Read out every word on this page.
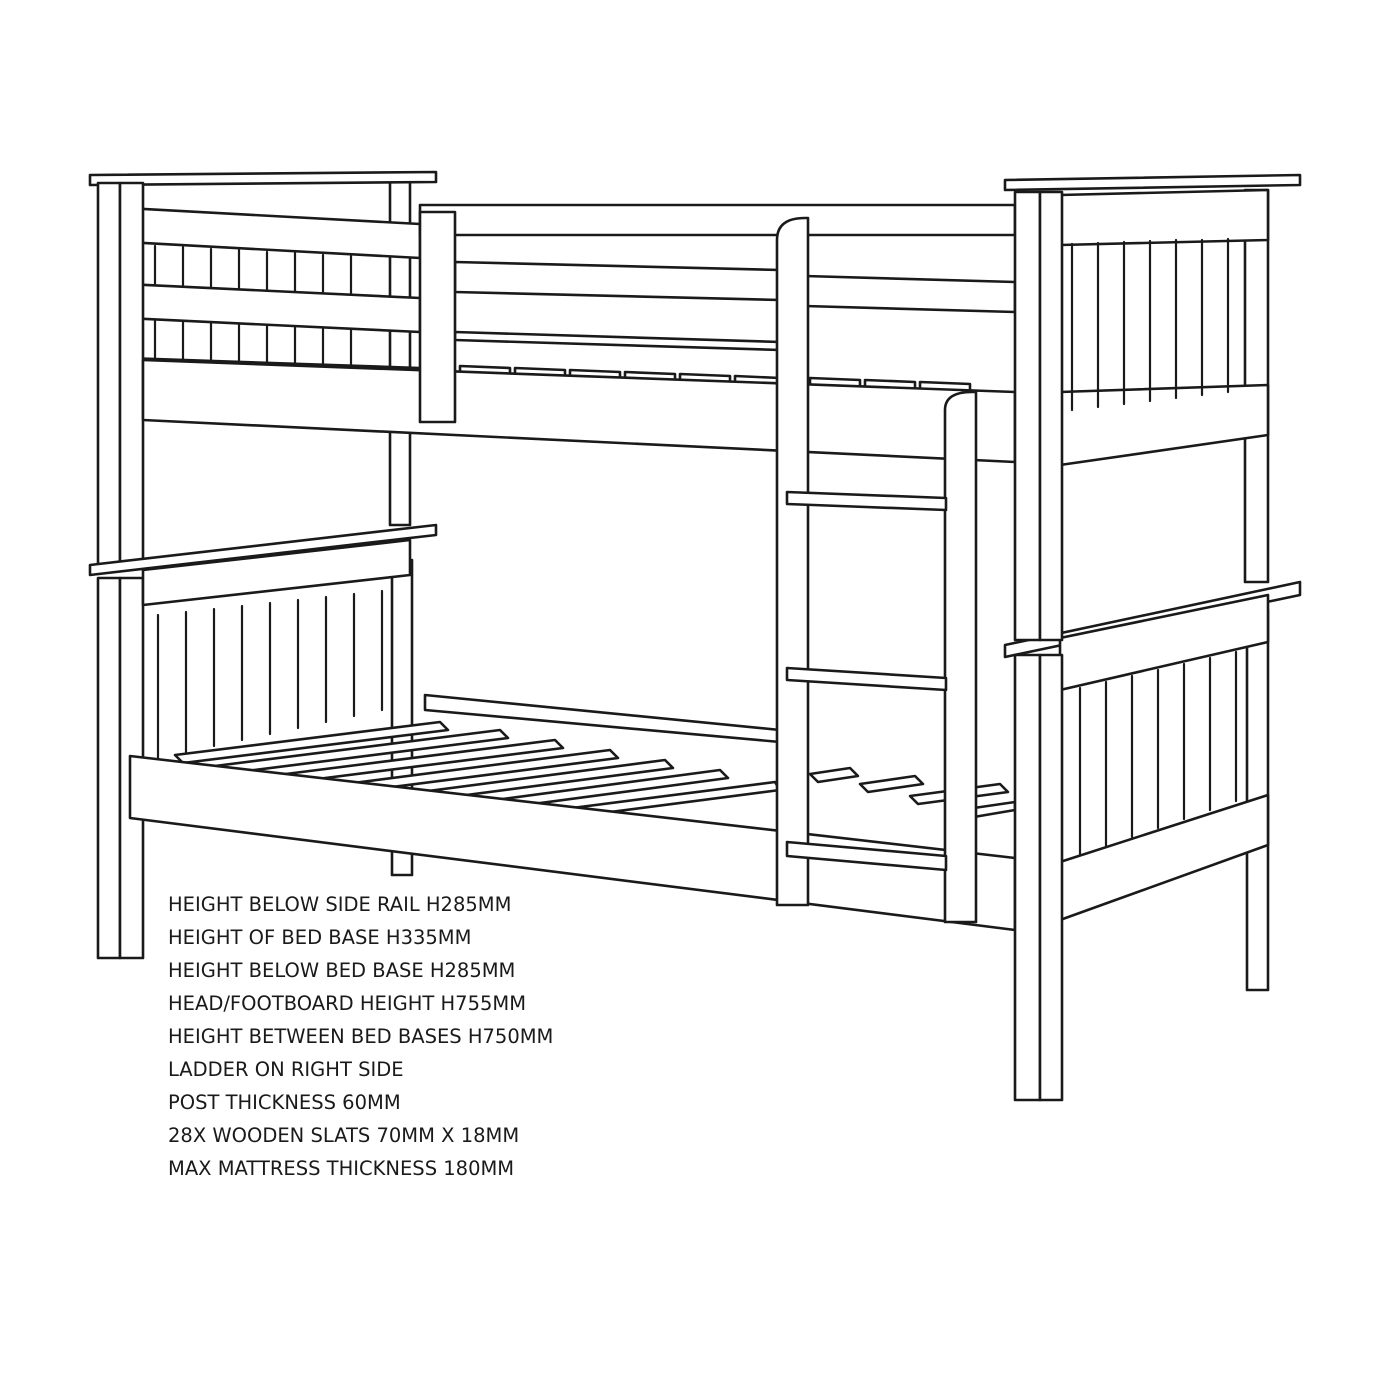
HEIGHT BELOW SIDE RAIL H285MM
HEIGHT OF BED BASE H335MM
HEIGHT BELOW BED BASE H285MM
HEAD/FOOTBOARD HEIGHT H755MM
HEIGHT BETWEEN BED BASES H750MM
LADDER ON RIGHT SIDE
POST THICKNESS 60MM
28X WOODEN SLATS 70MM X 18MM
MAX MATTRESS THICKNESS 180MM
